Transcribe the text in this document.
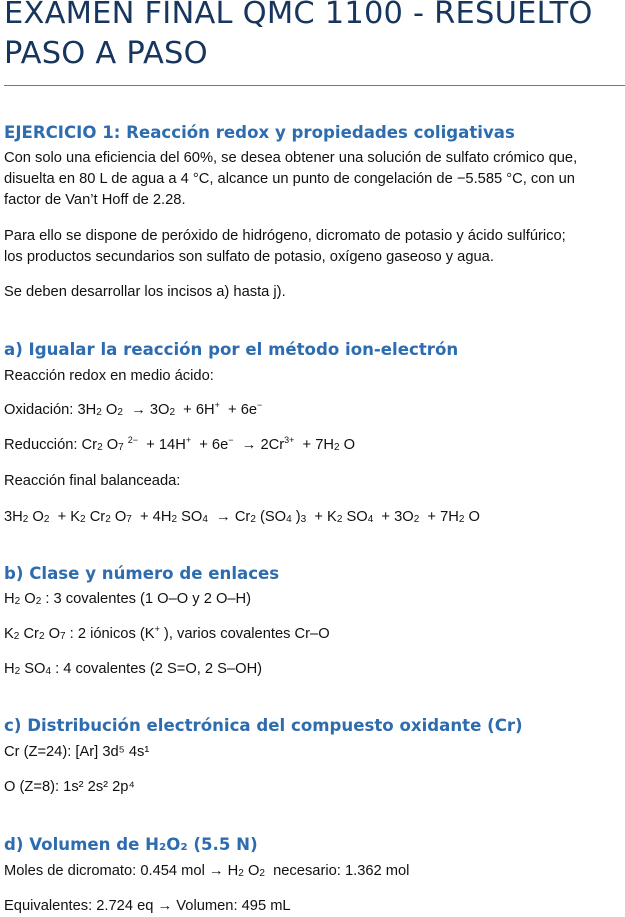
EXAMEN FINAL QMC 1100 - RESUELTO
PASO A PASO
EJERCICIO 1: Reacción redox y propiedades coligativas
Con solo una eficiencia del 60%, se desea obtener una solución de sulfato crómico que,
disuelta en 80 L de agua a 4 °C, alcance un punto de congelación de −5.585 °C, con un
factor de Van’t Hoff de 2.28.
Para ello se dispone de peróxido de hidrógeno, dicromato de potasio y ácido sulfúrico;
los productos secundarios son sulfato de potasio, oxígeno gaseoso y agua.
Se deben desarrollar los incisos a) hasta j).
a) Igualar la reacción por el método ion-electrón
Reacción redox en medio ácido:
Oxidación: 3H2 O2  → 3O2  + 6H+  + 6e−
Reducción: Cr2 O7 $^{2-} + 14H^+ + 6e^- \to 2Cr^{3+} + 7H2$ O
Reacción final balanceada:
3H2 O2  + K2 Cr2 O7  + 4H2 SO4  → Cr2 (SO4 )3  + K2 SO4  + 3O2  + 7H2 O
b) Clase y número de enlaces
H2 O2 : 3 covalentes (1 O–O y 2 O–H)
K2 Cr2 O7 : 2 iónicos (K+ ), varios covalentes Cr–O
H2 SO4 : 4 covalentes (2 S=O, 2 S–OH)
c) Distribución electrónica del compuesto oxidante (Cr)
Cr (Z=24): [Ar] 3d⁵ 4s¹
O (Z=8): 1s² 2s² 2p⁴
d) Volumen de H₂O₂ (5.5 N)
Moles de dicromato: 0.454 mol → H2 O2  necesario: 1.362 mol
Equivalentes: 2.724 eq → Volumen: 495 mL
